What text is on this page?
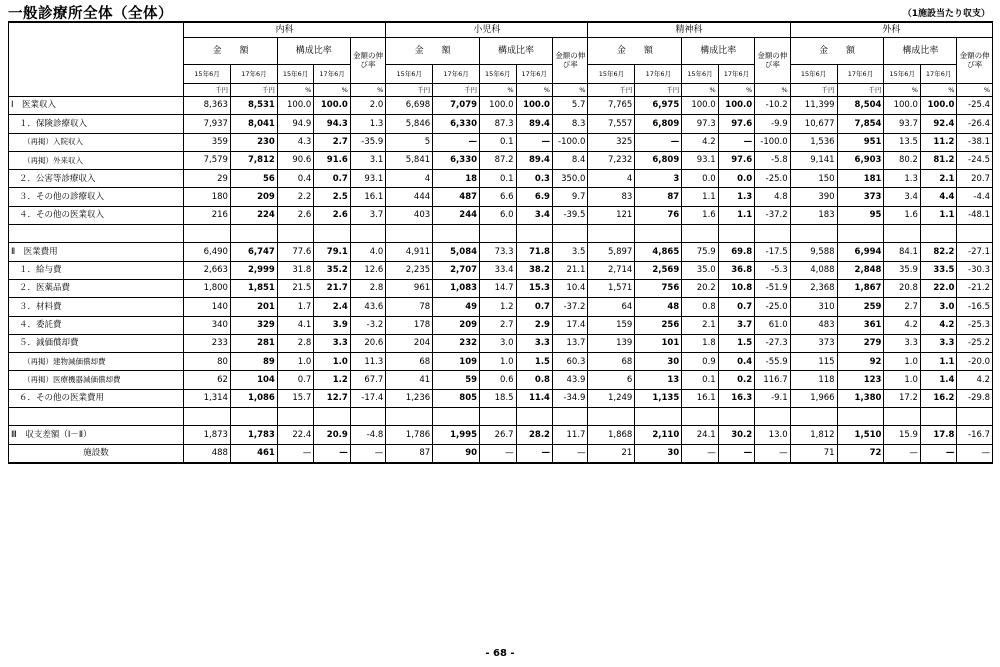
一般診療所全体（全体）	（1施設当たり収支）
	内科					小児科					精神科					外科				
	金　　額		構成比率		金額の伸び率	金　　額		構成比率		金額の伸び率	金　　額		構成比率		金額の伸び率	金　　額		構成比率		金額の伸び率
	15年6月	17年6月	15年6月	17年6月		15年6月	17年6月	15年6月	17年6月		15年6月	17年6月	15年6月	17年6月		15年6月	17年6月	15年6月	17年6月	
	千円	千円	%	%	%	千円	千円	%	%	%	千円	千円	%	%	%	千円	千円	%	%	%
Ⅰ　医業収入	8,363	8,531	100.0	100.0	2.0	6,698	7,079	100.0	100.0	5.7	7,765	6,975	100.0	100.0	-10.2	11,399	8,504	100.0	100.0	-25.4
１．保険診療収入	7,937	8,041	94.9	94.3	1.3	5,846	6,330	87.3	89.4	8.3	7,557	6,809	97.3	97.6	-9.9	10,677	7,854	93.7	92.4	-26.4
（再掲）入院収入	359	230	4.3	2.7	-35.9	5	—	0.1	—	-100.0	325	—	4.2	—	-100.0	1,536	951	13.5	11.2	-38.1
（再掲）外来収入	7,579	7,812	90.6	91.6	3.1	5,841	6,330	87.2	89.4	8.4	7,232	6,809	93.1	97.6	-5.8	9,141	6,903	80.2	81.2	-24.5
２．公害等診療収入	29	56	0.4	0.7	93.1	4	18	0.1	0.3	350.0	4	3	0.0	0.0	-25.0	150	181	1.3	2.1	20.7
３．その他の診療収入	180	209	2.2	2.5	16.1	444	487	6.6	6.9	9.7	83	87	1.1	1.3	4.8	390	373	3.4	4.4	-4.4
４．その他の医業収入	216	224	2.6	2.6	3.7	403	244	6.0	3.4	-39.5	121	76	1.6	1.1	-37.2	183	95	1.6	1.1	-48.1

Ⅱ　医業費用	6,490	6,747	77.6	79.1	4.0	4,911	5,084	73.3	71.8	3.5	5,897	4,865	75.9	69.8	-17.5	9,588	6,994	84.1	82.2	-27.1
１．給与費	2,663	2,999	31.8	35.2	12.6	2,235	2,707	33.4	38.2	21.1	2,714	2,569	35.0	36.8	-5.3	4,088	2,848	35.9	33.5	-30.3
２．医薬品費	1,800	1,851	21.5	21.7	2.8	961	1,083	14.7	15.3	10.4	1,571	756	20.2	10.8	-51.9	2,368	1,867	20.8	22.0	-21.2
３．材料費	140	201	1.7	2.4	43.6	78	49	1.2	0.7	-37.2	64	48	0.8	0.7	-25.0	310	259	2.7	3.0	-16.5
４．委託費	340	329	4.1	3.9	-3.2	178	209	2.7	2.9	17.4	159	256	2.1	3.7	61.0	483	361	4.2	4.2	-25.3
５．減価償却費	233	281	2.8	3.3	20.6	204	232	3.0	3.3	13.7	139	101	1.8	1.5	-27.3	373	279	3.3	3.3	-25.2
（再掲）建物減価償却費	80	89	1.0	1.0	11.3	68	109	1.0	1.5	60.3	68	30	0.9	0.4	-55.9	115	92	1.0	1.1	-20.0
（再掲）医療機器減価償却費	62	104	0.7	1.2	67.7	41	59	0.6	0.8	43.9	6	13	0.1	0.2	116.7	118	123	1.0	1.4	4.2
６．その他の医業費用	1,314	1,086	15.7	12.7	-17.4	1,236	805	18.5	11.4	-34.9	1,249	1,135	16.1	16.3	-9.1	1,966	1,380	17.2	16.2	-29.8

Ⅲ　収支差額（Ⅰ－Ⅱ）	1,873	1,783	22.4	20.9	-4.8	1,786	1,995	26.7	28.2	11.7	1,868	2,110	24.1	30.2	13.0	1,812	1,510	15.9	17.8	-16.7
施設数	488	461	—	—	—	87	90	—	—	—	21	30	—	—	—	71	72	—	—	—
- 68 -
